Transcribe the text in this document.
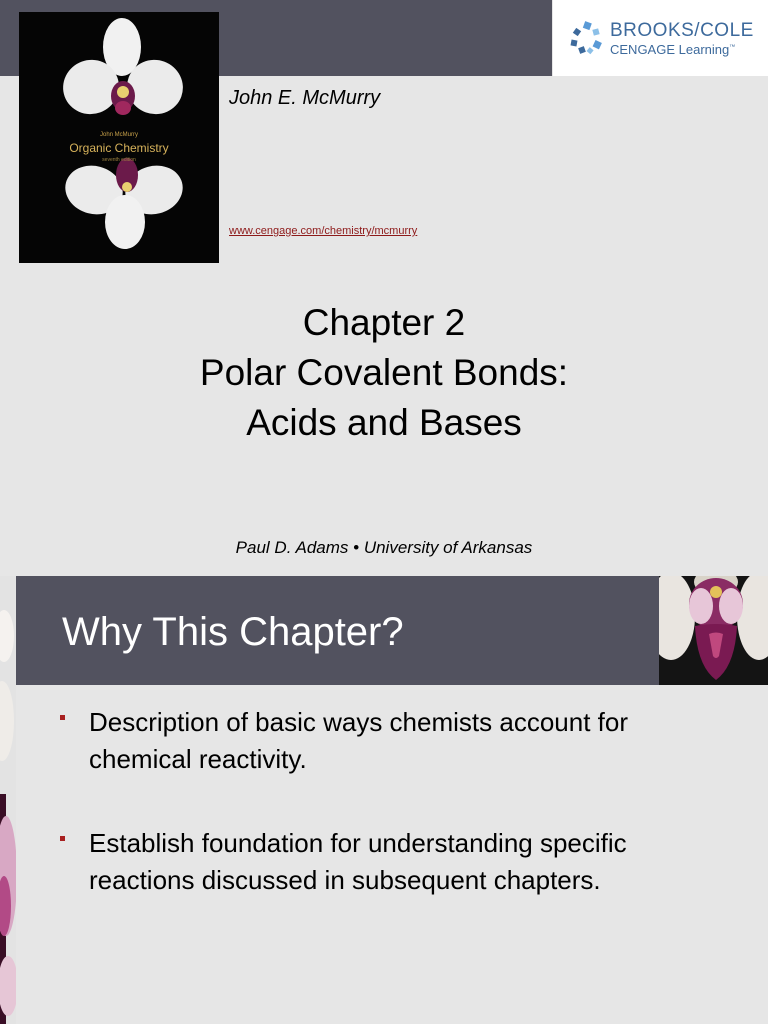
BROOKS/COLE
CENGAGE Learning™
John McMurry
Organic Chemistry
seventh edition
John E. McMurry
www.cengage.com/chemistry/mcmurry
Chapter 2
Polar Covalent Bonds:
Acids and Bases
Paul D. Adams • University of Arkansas
Why This Chapter?
Description of basic ways chemists account for
chemical reactivity.
Establish foundation for understanding specific
reactions discussed in subsequent chapters.
